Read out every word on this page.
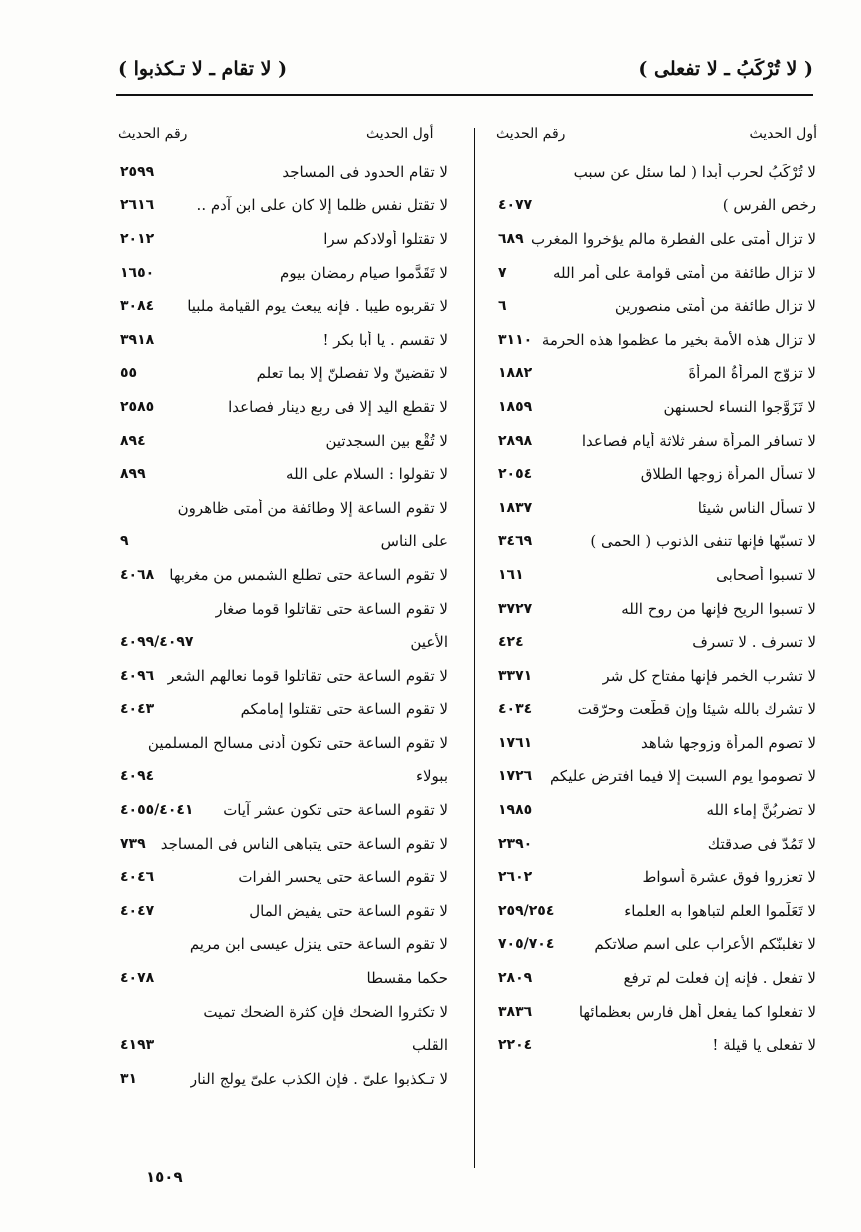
( لا تُرْكَبُ ـ لا تفعلى )
( لا تقام ـ لا تـكذبوا )
أول الحديث
رقم الحديث
أول الحديث
رقم الحديث
لا تُرْكَبُ لحرب أبدا ( لما سئل عن سبب
رخص الفرس )
٤٠٧٧
لا تزال أمتى على الفطرة مالم يؤخروا المغرب
٦٨٩
لا تزال طائفة من أمتى قوامة على أمر الله
٧
لا تزال طائفة من أمتى منصورين
٦
لا تزال هذه الأمة بخير ما عظموا هذه الحرمة
٣١١٠
لا تزوّج المرأةُ المرأةَ
١٨٨٢
لا تَزَوَّجوا النساء لحسنهن
١٨٥٩
لا تسافر المرأة سفر ثلاثة أيام فصاعدا
٢٨٩٨
لا تسأل المرأة زوجها الطلاق
٢٠٥٤
لا تسأل الناس شيئا
١٨٣٧
لا تسبّها فإنها تنفى الذنوب ( الحمى )
٣٤٦٩
لا تسبوا أصحابى
١٦١
لا تسبوا الريح فإنها من روح الله
٣٧٢٧
لا تسرف . لا تسرف
٤٢٤
لا تشرب الخمر فإنها مفتاح كل شر
٣٣٧١
لا تشرك بالله شيئا وإن قطّعت وحرّقت
٤٠٣٤
لا تصوم المرأة وزوجها شاهد
١٧٦١
لا تصوموا يوم السبت إلا فيما افترض عليكم
١٧٢٦
لا تضربُنَّ إماء الله
١٩٨٥
لا تَمُدّ فى صدقتك
٢٣٩٠
لا تعزروا فوق عشرة أسواط
٢٦٠٢
لا تَعَلّموا العلم لتباهوا به العلماء
٢٥٩/٢٥٤
لا تغلبنّكم الأعراب على اسم صلاتكم
٧٠٥/٧٠٤
لا تفعل . فإنه إن فعلت لم ترفع
٢٨٠٩
لا تفعلوا كما يفعل أهل فارس بعظمائها
٣٨٣٦
لا تفعلى يا قيلة !
٢٢٠٤
لا تقام الحدود فى المساجد
٢٥٩٩
لا تقتل نفس ظلما إلا كان على ابن آدم ..
٢٦١٦
لا تقتلوا أولادكم سرا
٢٠١٢
لا تَقَدَّموا صيام رمضان بيوم
١٦٥٠
لا تقربوه طيبا . فإنه يبعث يوم القيامة ملبيا
٣٠٨٤
لا تقسم . يا أبا بكر !
٣٩١٨
لا تقضينّ ولا تفصلنّ إلا بما تعلم
٥٥
لا تقطع اليد إلا فى ربع دينار فصاعدا
٢٥٨٥
لا تُقْعِ بين السجدتين
٨٩٤
لا تقولوا : السلام على الله
٨٩٩
لا تقوم الساعة إلا وطائفة من أمتى ظاهرون
على الناس
٩
لا تقوم الساعة حتى تطلع الشمس من مغربها
٤٠٦٨
لا تقوم الساعة حتى تقاتلوا قوما صغار
الأعين
٤٠٩٩/٤٠٩٧
لا تقوم الساعة حتى تقاتلوا قوما نعالهم الشعر
٤٠٩٦
لا تقوم الساعة حتى تقتلوا إمامكم
٤٠٤٣
لا تقوم الساعة حتى تكون أدنى مسالح المسلمين
ببولاء
٤٠٩٤
لا تقوم الساعة حتى تكون عشر آيات
٤٠٥٥/٤٠٤١
لا تقوم الساعة حتى يتباهى الناس فى المساجد
٧٣٩
لا تقوم الساعة حتى يحسر الفرات
٤٠٤٦
لا تقوم الساعة حتى يفيض المال
٤٠٤٧
لا تقوم الساعة حتى ينزل عيسى ابن مريم
حكما مقسطا
٤٠٧٨
لا تكثروا الضحك فإن كثرة الضحك تميت
القلب
٤١٩٣
لا تـكذبوا علىّ . فإن الكذب علىّ يولج النار
٣١
١٥٠٩
